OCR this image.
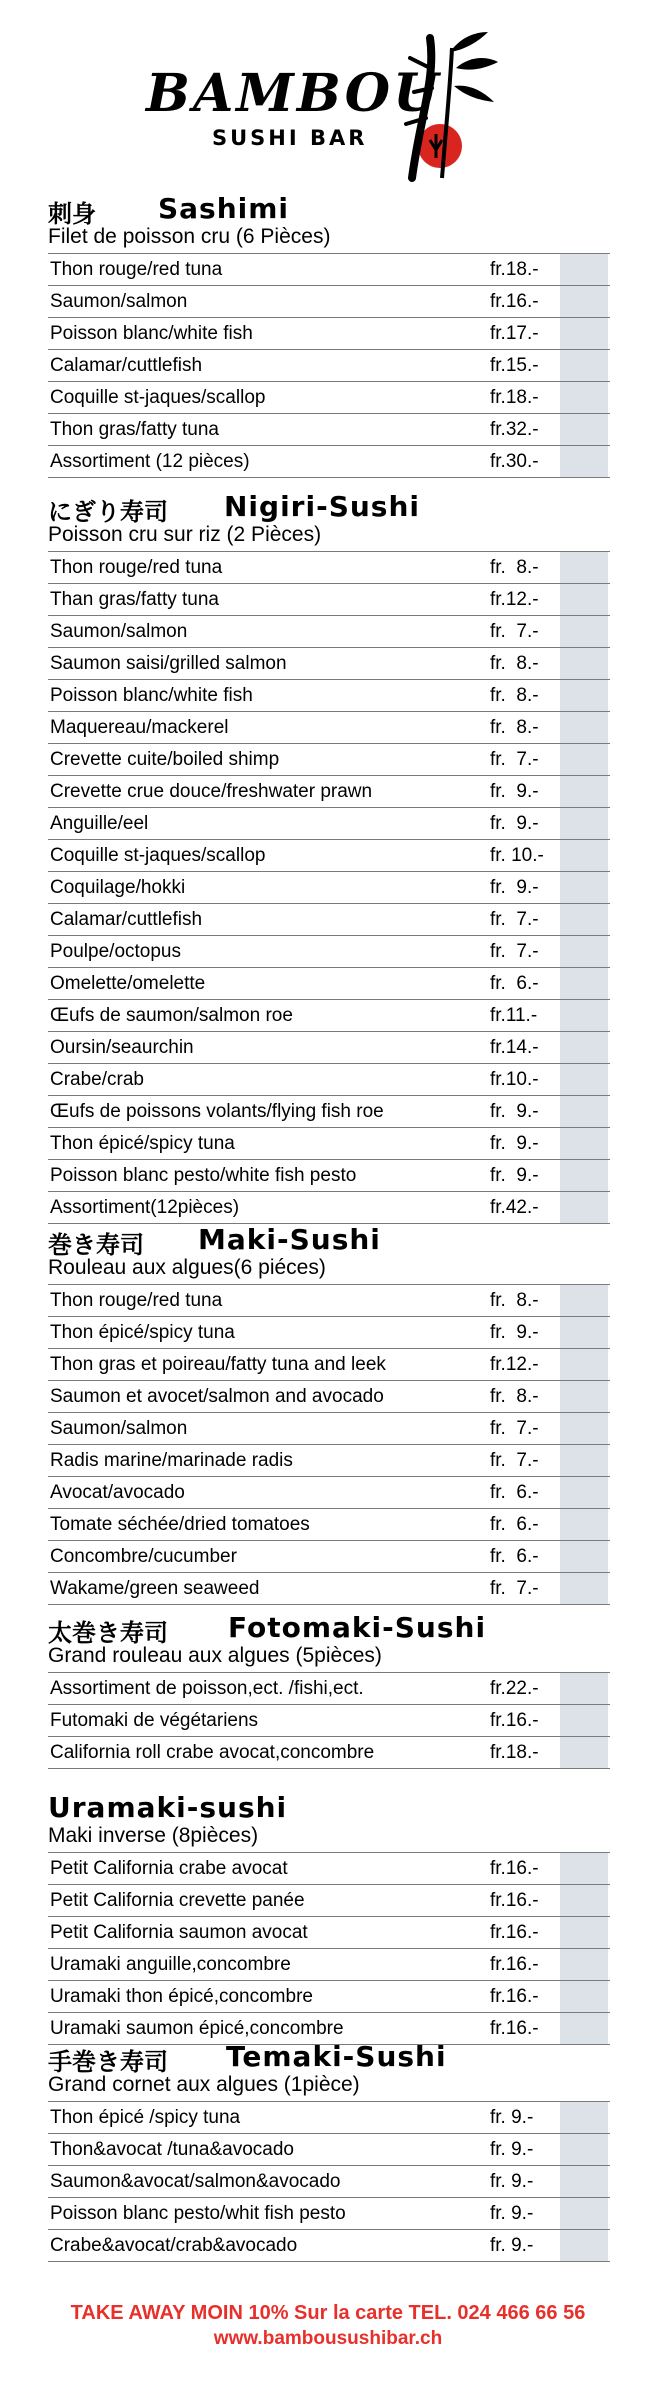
BAMBOU
SUSHI BAR
刺身 Sashimi
Filet de poisson cru (6 Pièces)
Thon rouge/red tuna	fr.18.-
Saumon/salmon	fr.16.-
Poisson blanc/white fish	fr.17.-
Calamar/cuttlefish	fr.15.-
Coquille st-jaques/scallop	fr.18.-
Thon gras/fatty tuna	fr.32.-
Assortiment (12 pièces)	fr.30.-
にぎり寿司 Nigiri-Sushi
Poisson cru sur riz (2 Pièces)
Thon rouge/red tuna	fr.  8.-
Than gras/fatty tuna	fr.12.-
Saumon/salmon	fr.  7.-
Saumon saisi/grilled salmon	fr.  8.-
Poisson blanc/white fish	fr.  8.-
Maquereau/mackerel	fr.  8.-
Crevette cuite/boiled shimp	fr.  7.-
Crevette crue douce/freshwater prawn	fr.  9.-
Anguille/eel	fr.  9.-
Coquille st-jaques/scallop	fr. 10.-
Coquilage/hokki	fr.  9.-
Calamar/cuttlefish	fr.  7.-
Poulpe/octopus	fr.  7.-
Omelette/omelette	fr.  6.-
Œufs de saumon/salmon roe	fr.11.-
Oursin/seaurchin	fr.14.-
Crabe/crab	fr.10.-
Œufs de poissons volants/flying fish roe	fr.  9.-
Thon épicé/spicy tuna	fr.  9.-
Poisson blanc pesto/white fish pesto	fr.  9.-
Assortiment(12pièces)	fr.42.-
巻き寿司 Maki-Sushi
Rouleau aux algues(6 piéces)
Thon rouge/red tuna	fr.  8.-
Thon épicé/spicy tuna	fr.  9.-
Thon gras et poireau/fatty tuna and leek	fr.12.-
Saumon et avocet/salmon and avocado	fr.  8.-
Saumon/salmon	fr.  7.-
Radis marine/marinade radis	fr.  7.-
Avocat/avocado	fr.  6.-
Tomate séchée/dried tomatoes	fr.  6.-
Concombre/cucumber	fr.  6.-
Wakame/green seaweed	fr.  7.-
太巻き寿司 Fotomaki-Sushi
Grand rouleau aux algues (5pièces)
Assortiment de poisson,ect. /fishi,ect.	fr.22.-
Futomaki de végétariens	fr.16.-
California roll crabe avocat,concombre	fr.18.-
Uramaki-sushi
Maki inverse (8pièces)
Petit California crabe avocat	fr.16.-
Petit California crevette panée	fr.16.-
Petit California saumon avocat	fr.16.-
Uramaki anguille,concombre	fr.16.-
Uramaki thon épicé,concombre	fr.16.-
Uramaki saumon épicé,concombre	fr.16.-
手巻き寿司 Temaki-Sushi
Grand cornet aux algues (1pièce)
Thon épicé /spicy tuna	fr. 9.-
Thon&avocat /tuna&avocado	fr. 9.-
Saumon&avocat/salmon&avocado	fr. 9.-
Poisson blanc pesto/whit fish pesto	fr. 9.-
Crabe&avocat/crab&avocado	fr. 9.-
TAKE AWAY MOIN 10% Sur la carte TEL. 024 466 66 56
www.bambousushibar.ch
